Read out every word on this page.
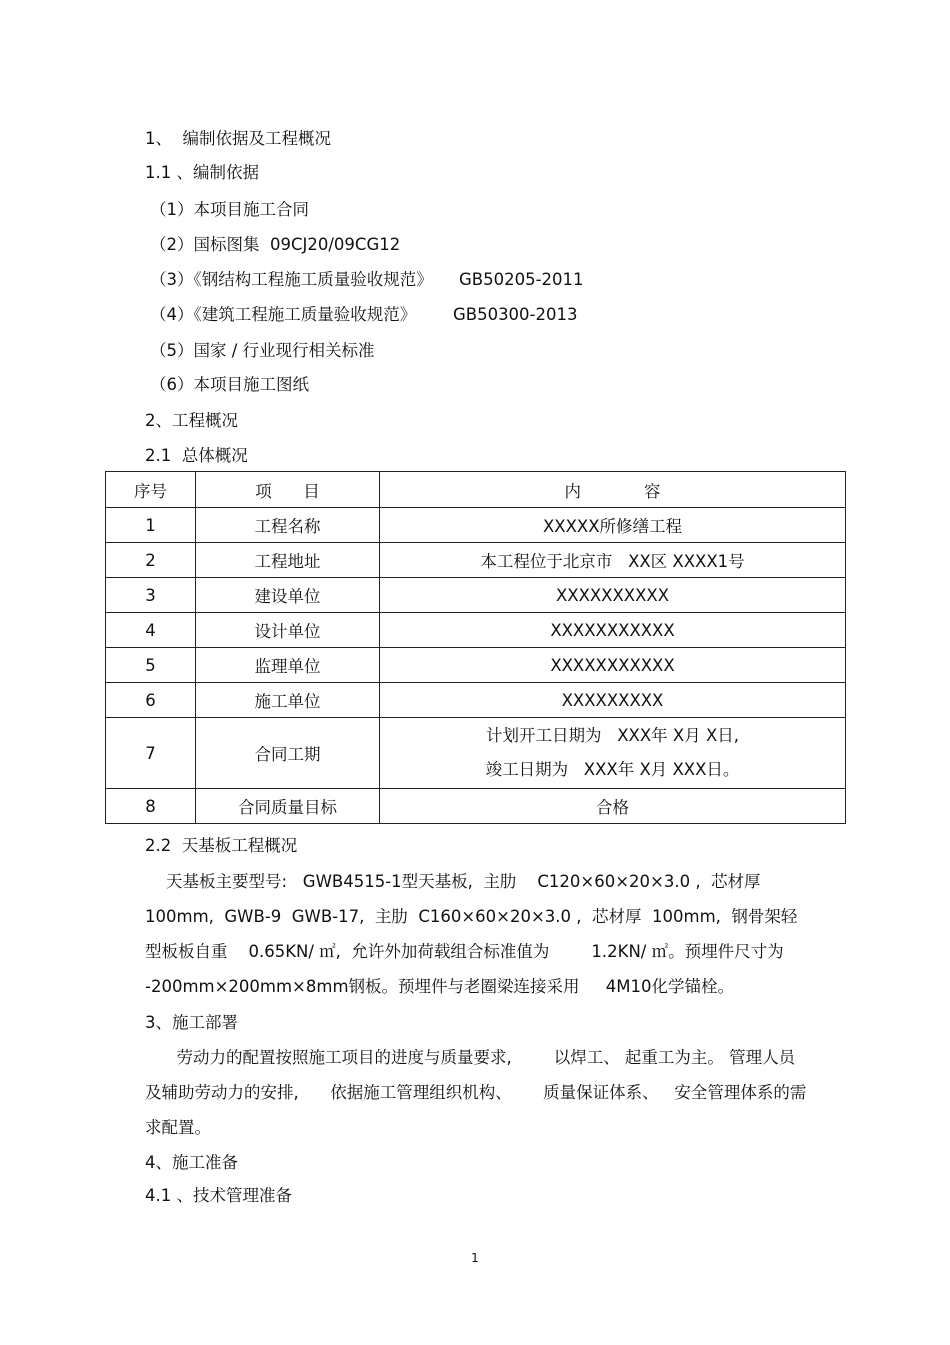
1、  编制依据及工程概况
1.1 、编制依据
（1）本项目施工合同
（2）国标图集  09CJ20/09CG12
（3）《钢结构工程施工质量验收规范》     GB50205-2011
（4）《建筑工程施工质量验收规范》       GB50300-2013
（5）国家 / 行业现行相关标准
（6）本项目施工图纸
2、工程概况
2.1  总体概况
序号	项      目	内            容
1	工程名称	XXXXX所修缮工程
2	工程地址	本工程位于北京市   XX区 XXXX1号
3	建设单位	XXXXXXXXXX
4	设计单位	XXXXXXXXXXX
5	监理单位	XXXXXXXXXXX
6	施工单位	XXXXXXXXX
7	合同工期	计划开工日期为   XXX年 X月 X日,
竣工日期为   XXX年 X月 XXX日。

8	合同质量目标	合格
2.2  天基板工程概况
天基板主要型号:   GWB4515-1型天基板,  主肋    C120×60×20×3.0 ,  芯材厚 100mm,  GWB-9  GWB-17,  主肋  C160×60×20×3.0 ,  芯材厚  100mm,  钢骨架轻型板板自重    0.65KN/ ㎡,  允许外加荷载组合标准值为        1.2KN/ ㎡。预埋件尺寸为 -200mm×200mm×8mm钢板。预埋件与老圈梁连接采用     4M10化学锚栓。
3、施工部署
劳动力的配置按照施工项目的进度与质量要求,        以焊工、 起重工为主。 管理人员及辅助劳动力的安排,      依据施工管理组织机构、      质量保证体系、   安全管理体系的需求配置。
4、施工准备
4.1 、技术管理准备
1
